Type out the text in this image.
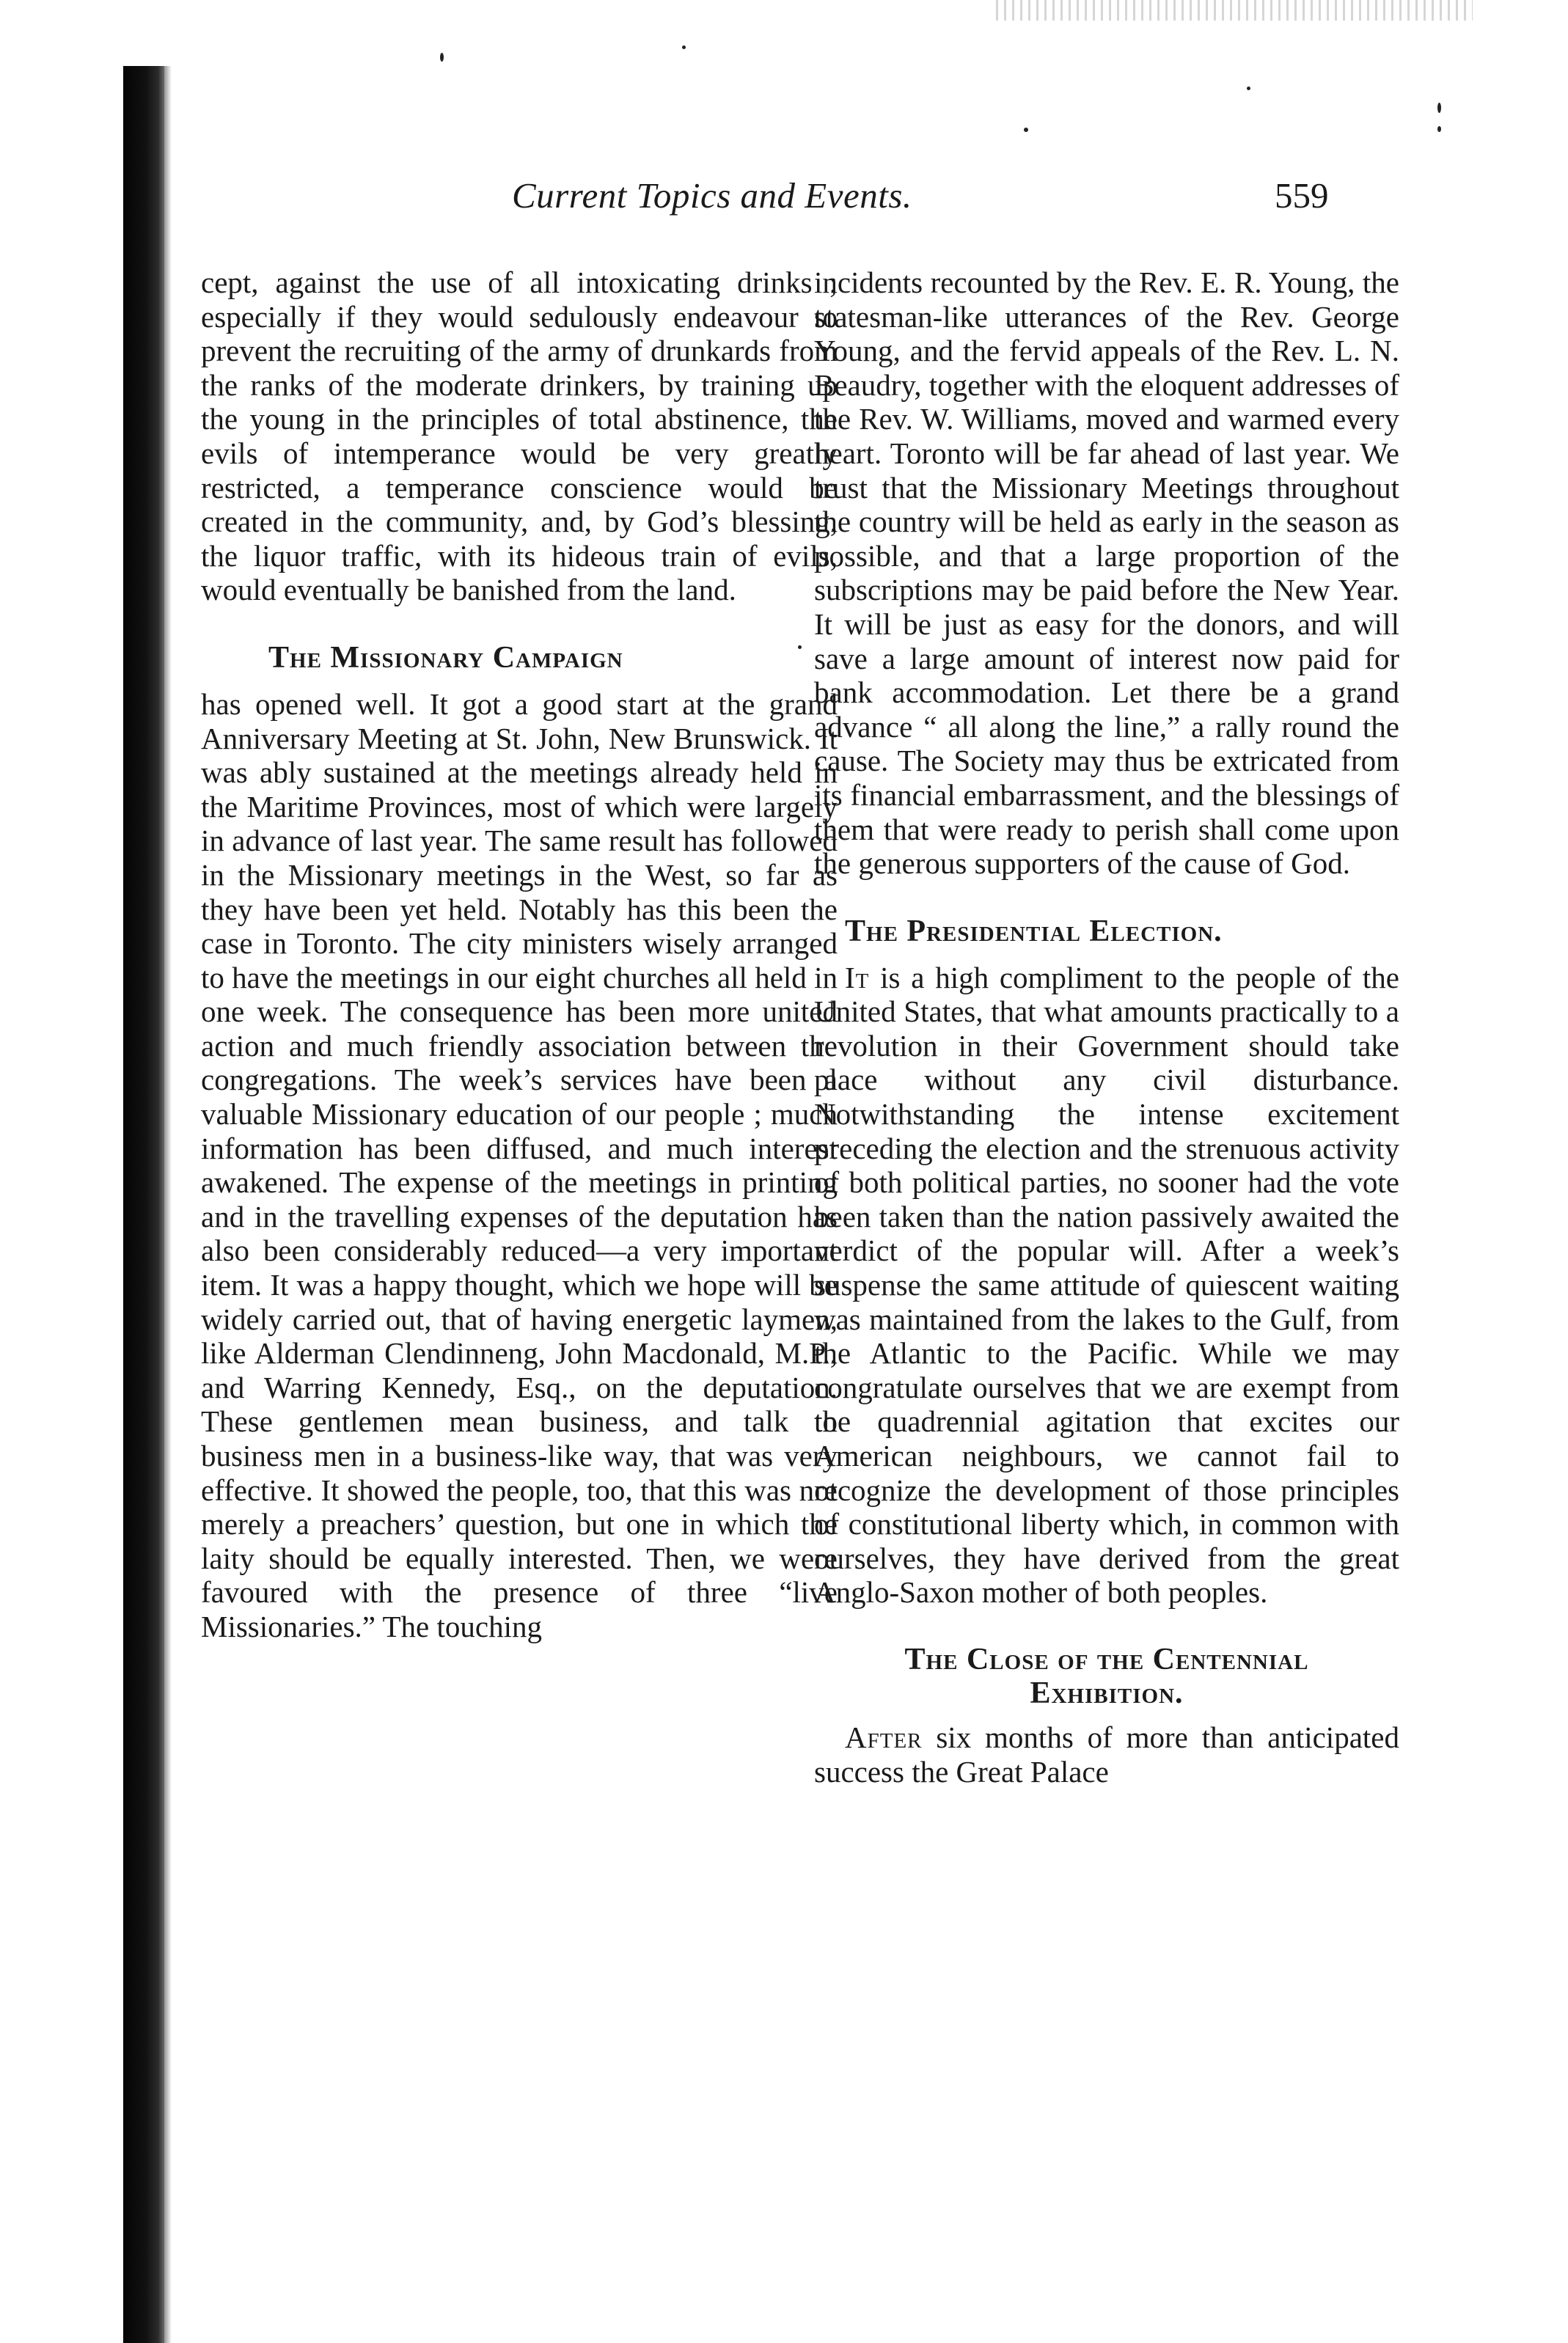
Current Topics and Events.	559

cept, against the use of all intoxicating drinks ; especially if they would sedulously endeavour to prevent the recruiting of the army of drunkards from the ranks of the moderate drinkers, by training up the young in the principles of total abstinence, the evils of intemperance would be very greatly restricted, a temperance conscience would be created in the community, and, by God’s blessing, the liquor traffic, with its hideous train of evils, would eventually be banished from the land.

The Missionary Campaign

has opened well. It got a good start at the grand Anniversary Meeting at St. John, New Brunswick. It was ably sustained at the meetings already held in the Maritime Provinces, most of which were largely in advance of last year. The same result has followed in the Missionary meetings in the West, so far as they have been yet held. Notably has this been the case in Toronto. The city ministers wisely arranged to have the meetings in our eight churches all held in one week. The consequence has been more united action and much friendly association between the congregations. The week’s services have been a valuable Missionary education of our people ; much information has been diffused, and much interest awakened. The expense of the meetings in printing and in the travelling expenses of the deputation has also been considerably reduced—a very important item. It was a happy thought, which we hope will be widely carried out, that of having energetic laymen, like Alderman Clendinneng, John Macdonald, M.P., and Warring Kennedy, Esq., on the deputation. These gentlemen mean business, and talk to business men in a business-like way, that was very effective. It showed the people, too, that this was not merely a preachers’ question, but one in which the laity should be equally interested. Then, we were favoured with the presence of three “live Missionaries.” The touching

incidents recounted by the Rev. E. R. Young, the statesman-like utterances of the Rev. George Young, and the fervid appeals of the Rev. L. N. Beaudry, together with the eloquent addresses of the Rev. W. Williams, moved and warmed every heart. Toronto will be far ahead of last year. We trust that the Missionary Meetings throughout the country will be held as early in the season as possible, and that a large proportion of the subscriptions may be paid before the New Year. It will be just as easy for the donors, and will save a large amount of interest now paid for bank accommodation. Let there be a grand advance “ all along the line,” a rally round the cause. The Society may thus be extricated from its financial embarrassment, and the blessings of them that were ready to perish shall come upon the generous supporters of the cause of God.

The Presidential Election.

It is a high compliment to the people of the United States, that what amounts practically to a revolution in their Government should take place without any civil disturbance. Notwithstanding the intense excitement preceding the election and the strenuous activity of both political parties, no sooner had the vote been taken than the nation passively awaited the verdict of the popular will. After a week’s suspense the same attitude of quiescent waiting was maintained from the lakes to the Gulf, from the Atlantic to the Pacific. While we may congratulate ourselves that we are exempt from the quadrennial agitation that excites our American neighbours, we cannot fail to recognize the development of those principles of constitutional liberty which, in common with ourselves, they have derived from the great Anglo-Saxon mother of both peoples.

The Close of the Centennial
Exhibition.

After six months of more than anticipated success the Great Palace
